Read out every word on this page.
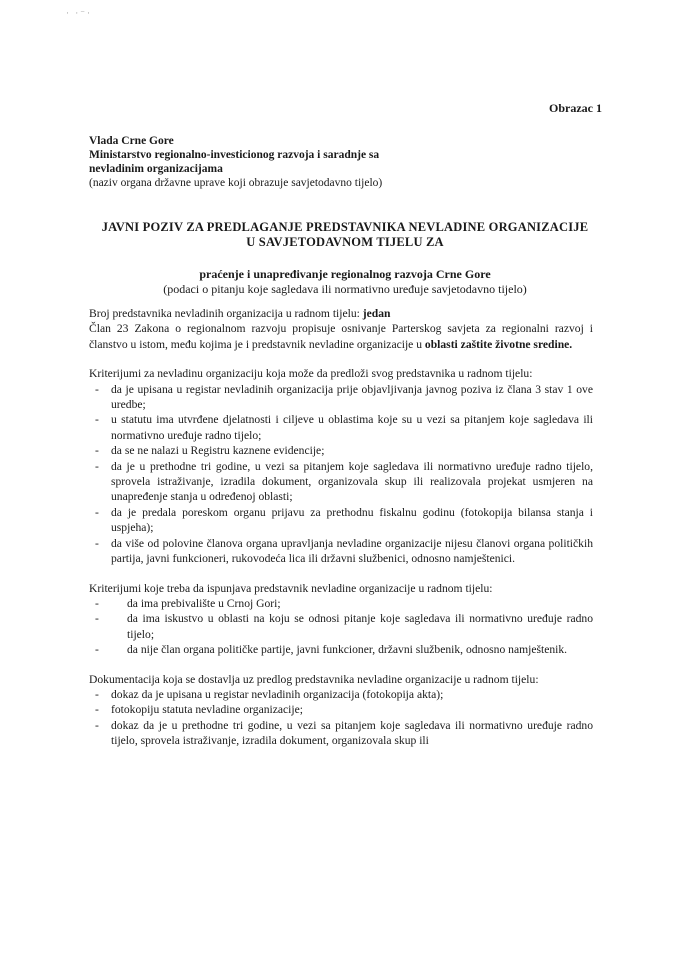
· ·⁻·
Obrazac 1
Vlada Crne Gore
Ministarstvo regionalno-investicionog razvoja i saradnje sa nevladinim organizacijama
(naziv organa državne uprave koji obrazuje savjetodavno tijelo)
JAVNI POZIV ZA PREDLAGANJE PREDSTAVNIKA NEVLADINE ORGANIZACIJE
U SAVJETODAVNOM TIJELU ZA
praćenje i unapređivanje regionalnog razvoja Crne Gore
(podaci o pitanju koje sagledava ili normativno uređuje savjetodavno tijelo)

Broj predstavnika nevladinih organizacija u radnom tijelu: jedan

Član 23 Zakona o regionalnom razvoju propisuje osnivanje Parterskog savjeta za regionalni razvoj i članstvo u istom, među kojima je i predstavnik nevladine organizacije u oblasti zaštite životne sredine.

Kriterijumi za nevladinu organizaciju koja može da predloži svog predstavnika u radnom tijelu:

- da je upisana u registar nevladinih organizacija prije objavljivanja javnog poziva iz člana 3 stav 1 ove uredbe;
- u statutu ima utvrđene djelatnosti i ciljeve u oblastima koje su u vezi sa pitanjem koje sagledava ili normativno uređuje radno tijelo;
- da se ne nalazi u Registru kaznene evidencije;
- da je u prethodne tri godine, u vezi sa pitanjem koje sagledava ili normativno uređuje radno tijelo, sprovela istraživanje, izradila dokument, organizovala skup ili realizovala projekat usmjeren na unapređenje stanja u određenoj oblasti;
- da je predala poreskom organu prijavu za prethodnu fiskalnu godinu (fotokopija bilansa stanja i uspjeha);
- da više od polovine članova organa upravljanja nevladine organizacije nijesu članovi organa političkih partija, javni funkcioneri, rukovodeća lica ili državni službenici, odnosno namještenici.

Kriterijumi koje treba da ispunjava predstavnik nevladine organizacije u radnom tijelu:

- da ima prebivalište u Crnoj Gori;
- da ima iskustvo u oblasti na koju se odnosi pitanje koje sagledava ili normativno uređuje radno tijelo;
- da nije član organa političke partije, javni funkcioner, državni službenik, odnosno namještenik.

Dokumentacija koja se dostavlja uz predlog predstavnika nevladine organizacije u radnom tijelu:

- dokaz da je upisana u registar nevladinih organizacija (fotokopija akta);
- fotokopiju statuta nevladine organizacije;
- dokaz da je u prethodne tri godine, u vezi sa pitanjem koje sagledava ili normativno uređuje radno tijelo, sprovela istraživanje, izradila dokument, organizovala skup ili
